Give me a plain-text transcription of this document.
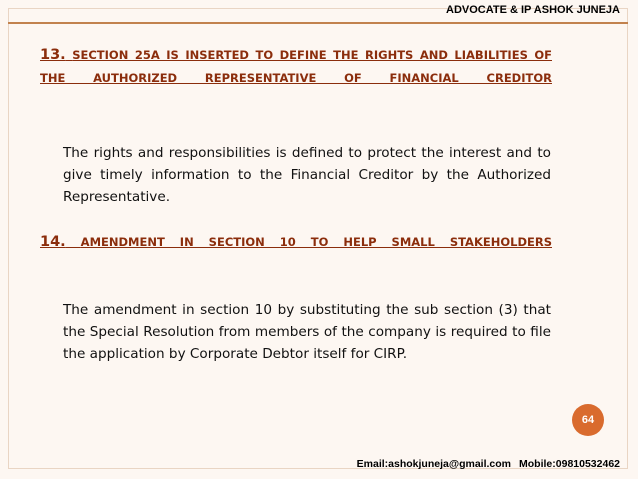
ADVOCATE & IP ASHOK JUNEJA
13. SECTION 25A IS INSERTED TO DEFINE THE RIGHTS AND LIABILITIES OF THE AUTHORIZED REPRESENTATIVE OF FINANCIAL CREDITOR
The rights and responsibilities is defined to protect the interest and to give timely information to the Financial Creditor by the Authorized Representative.
14. AMENDMENT IN SECTION 10 TO HELP SMALL STAKEHOLDERS
The amendment in section 10 by substituting the sub section (3) that the Special Resolution from members of the company is required to file the application by Corporate Debtor itself for CIRP.
64
Email:ashokjuneja@gmail.com Mobile:09810532462
